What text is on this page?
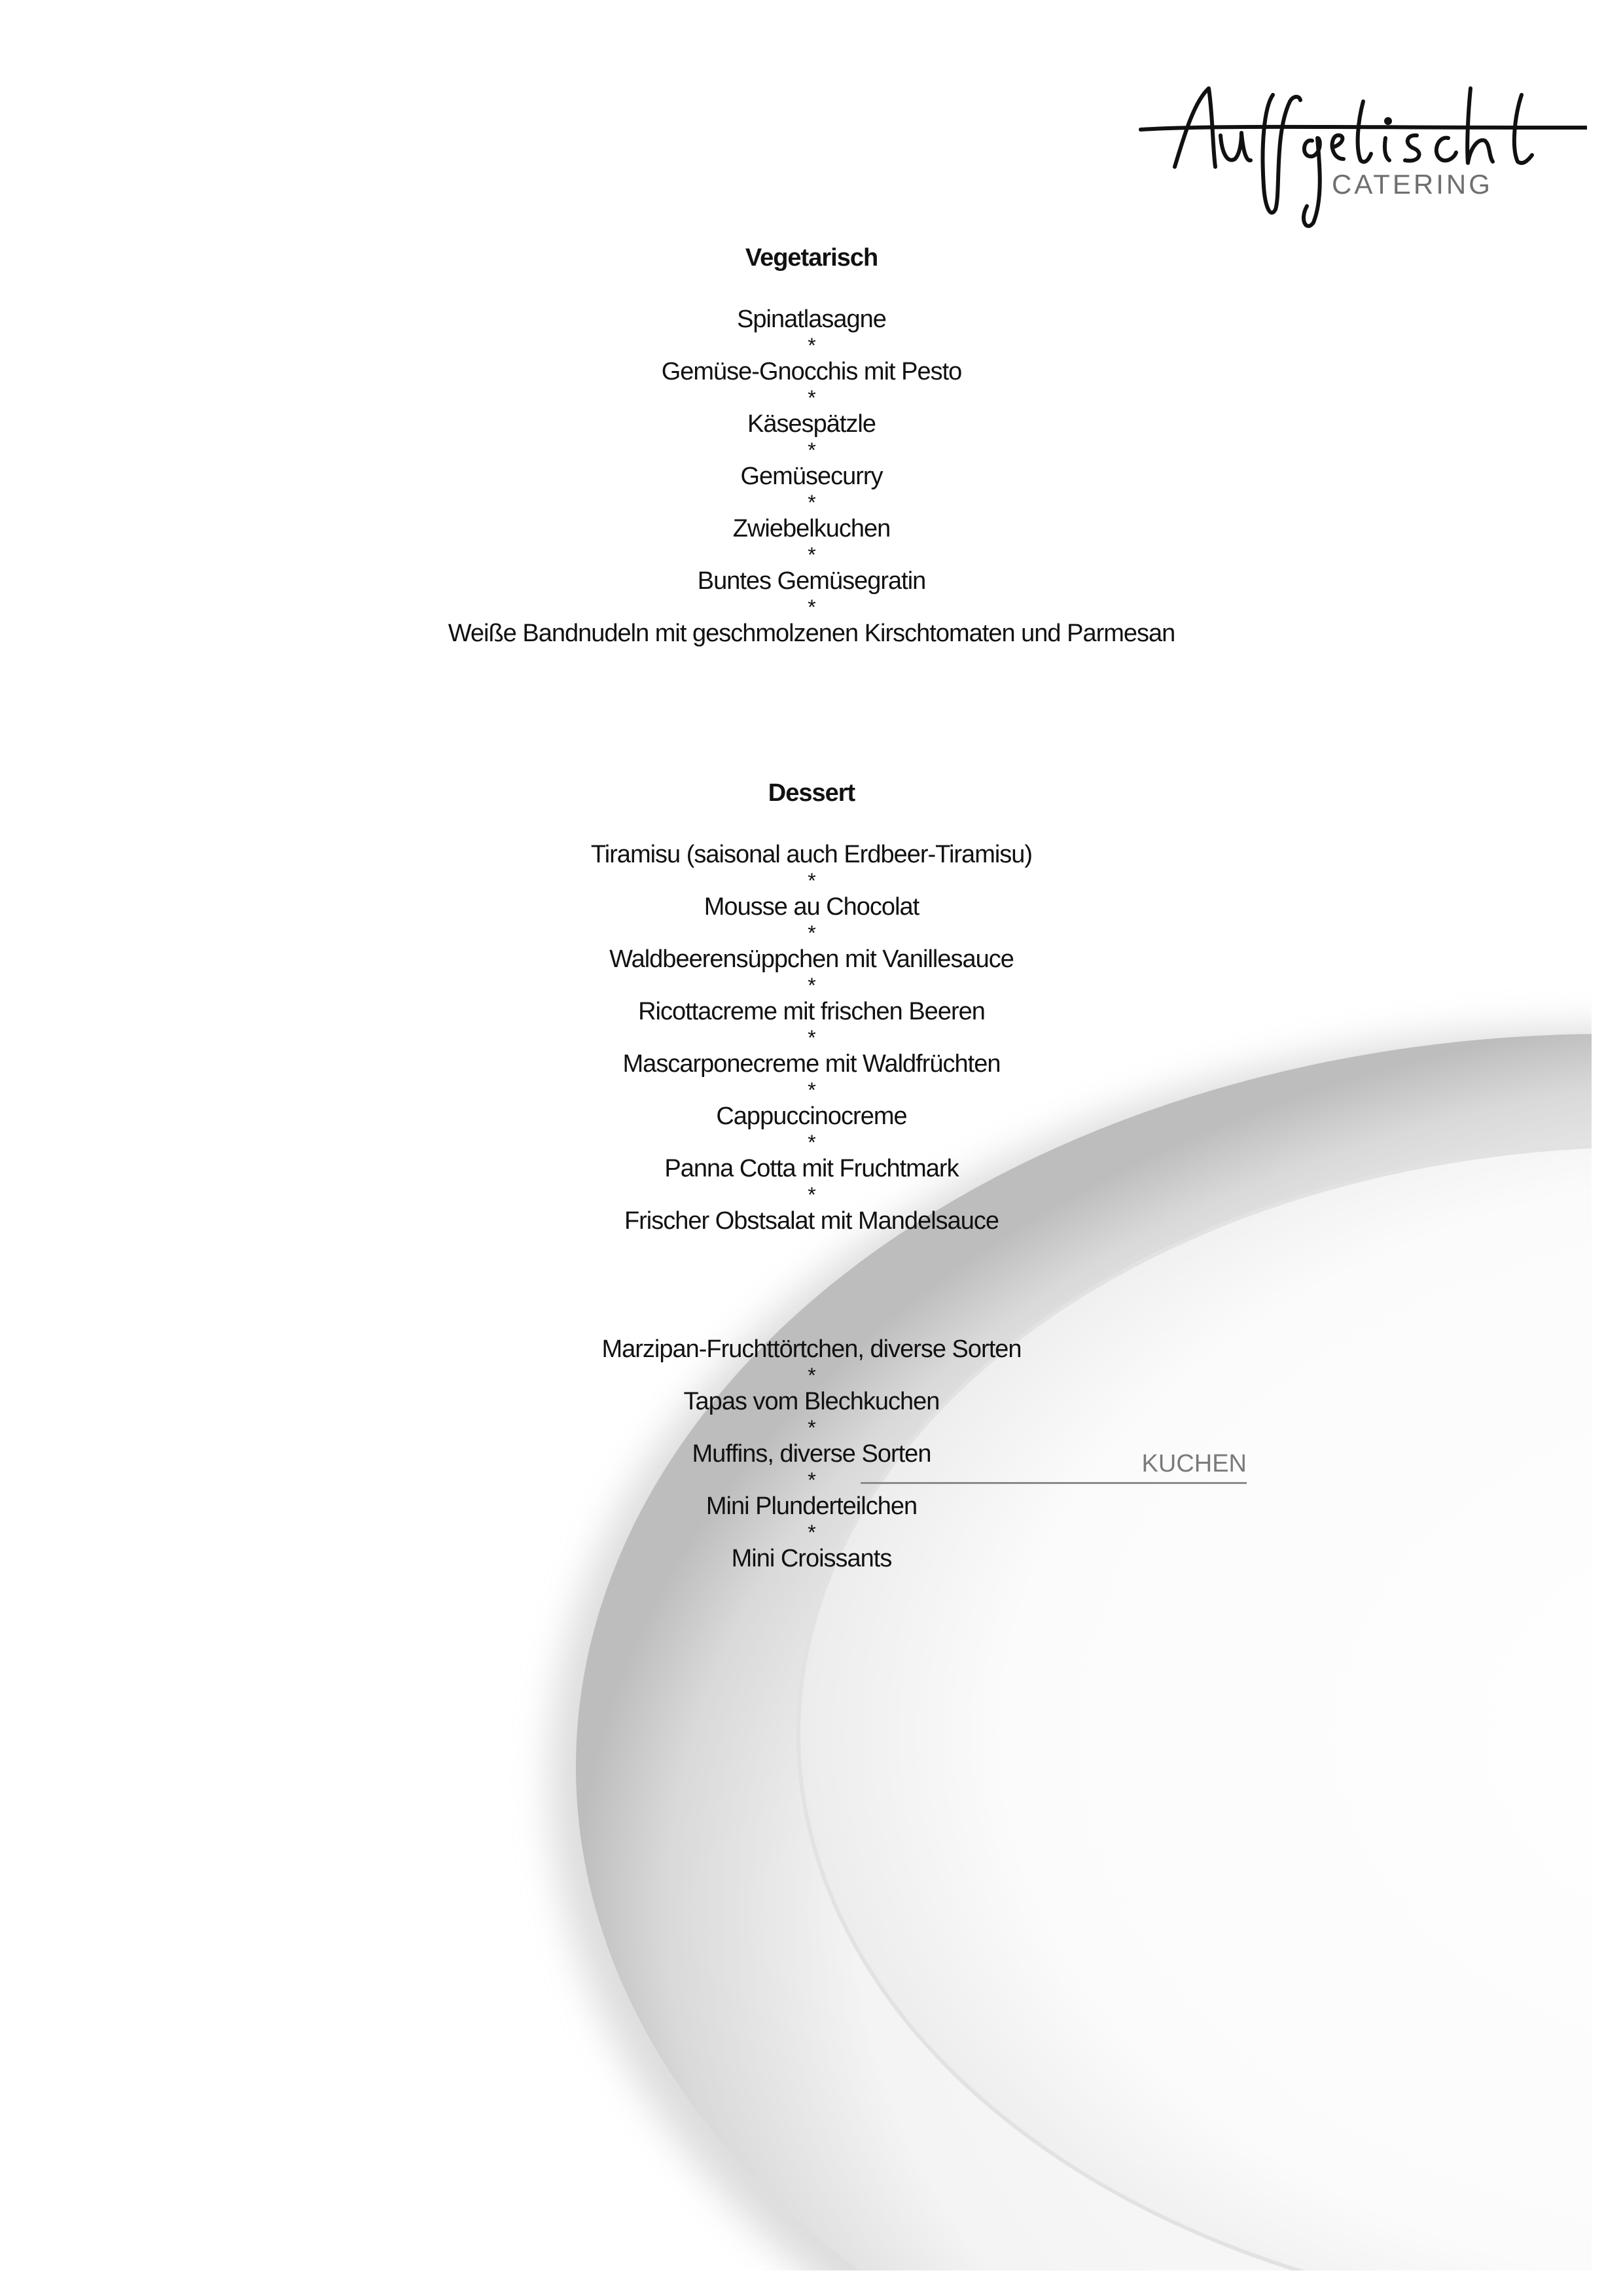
CATERING
Vegetarisch
Spinatlasagne
*
Gemüse-Gnocchis mit Pesto
*
Käsespätzle
*
Gemüsecurry
*
Zwiebelkuchen
*
Buntes Gemüsegratin
*
Weiße Bandnudeln mit geschmolzenen Kirschtomaten und Parmesan
Dessert
Tiramisu (saisonal auch Erdbeer-Tiramisu)
*
Mousse au Chocolat
*
Waldbeerensüppchen mit Vanillesauce
*
Ricottacreme mit frischen Beeren
*
Mascarponecreme mit Waldfrüchten
*
Cappuccinocreme
*
Panna Cotta mit Fruchtmark
*
Frischer Obstsalat mit Mandelsauce
Marzipan-Fruchttörtchen, diverse Sorten
*
Tapas vom Blechkuchen
*
Muffins, diverse Sorten
*
Mini Plunderteilchen
*
Mini Croissants
KUCHEN
